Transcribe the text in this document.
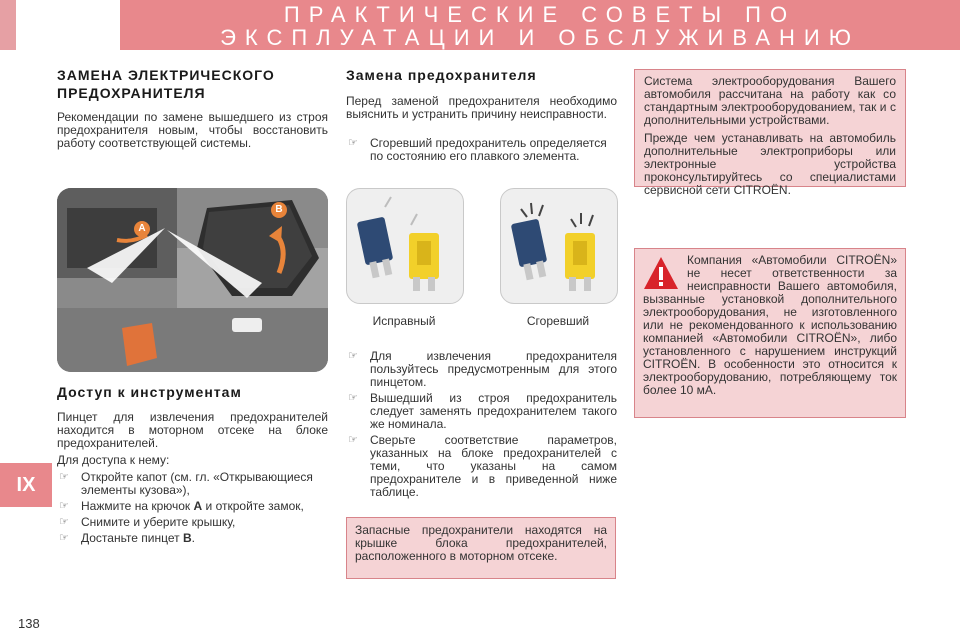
ПРАКТИЧЕСКИЕ СОВЕТЫ ПО
ЭКСПЛУАТАЦИИ И ОБСЛУЖИВАНИЮ
ЗАМЕНА ЭЛЕКТРИЧЕСКОГО
ПРЕДОХРАНИТЕЛЯ
Рекомендации по замене вышедшего из строя предохранителя новым, чтобы восстановить работу соответствующей системы.
A
B
Доступ к инструментам
Пинцет для извлечения предохранителей находится в моторном отсеке на блоке предохранителей.
Для доступа к нему:
☞ Откройте капот (см. гл. «Открывающиеся элементы кузова»),
☞ Нажмите на крючок A и откройте замок,
☞ Снимите и уберите крышку,
☞ Достаньте пинцет B.
Замена предохранителя
Перед заменой предохранителя необходимо выяснить и устранить причину неисправности.
☞ Сгоревший предохранитель определяется по состоянию его плавкого элемента.
Исправный	Сгоревший
☞ Для извлечения предохранителя пользуйтесь предусмотренным для этого пинцетом.
☞ Вышедший из строя предохранитель следует заменять предохранителем такого же номинала.
☞ Сверьте соответствие параметров, указанных на блоке предохранителей с теми, что указаны на самом предохранителе и в приведенной ниже таблице.
Запасные предохранители находятся на крышке блока предохранителей, расположенного в моторном отсеке.
Система электрооборудования Вашего автомобиля рассчитана на работу как со стандартным электрооборудованием, так и с дополнительными устройствами.
Прежде чем устанавливать на автомобиль дополнительные электроприборы или электронные устройства проконсультируйтесь со специалистами сервисной сети CITROËN.
Компания «Автомобили CITROËN» не несет ответственности за неисправности Вашего автомобиля, вызванные установкой дополнительного электрооборудования, не изготовленного или не рекомендованного к использованию компанией «Автомобили CITROËN», либо установленного с нарушением инструкций CITROËN. В особенности это относится к электрооборудованию, потребляющему ток более 10 мА.
IX
138
